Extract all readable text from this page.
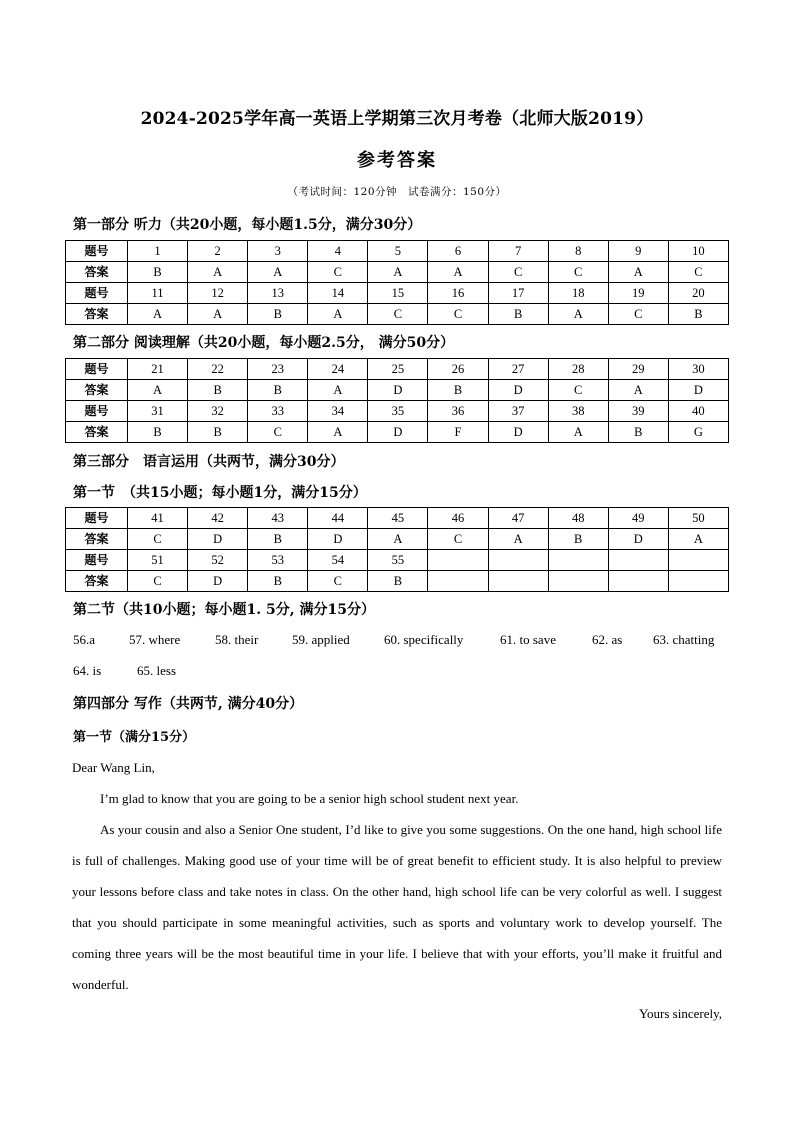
2024-2025学年高一英语上学期第三次月考卷（北师大版2019）
参考答案
（考试时间：120分钟　试卷满分：150分）
第一部分 听力（共20小题，每小题1.5分，满分30分）
题号	1	2	3	4	5	6	7	8	9	10
答案	B	A	A	C	A	A	C	C	A	C
题号	11	12	13	14	15	16	17	18	19	20
答案	A	A	B	A	C	C	B	A	C	B
第二部分 阅读理解（共20小题，每小题2.5分， 满分50分）
题号	21	22	23	24	25	26	27	28	29	30
答案	A	B	B	A	D	B	D	C	A	D
题号	31	32	33	34	35	36	37	38	39	40
答案	B	B	C	A	D	F	D	A	B	G
第三部分　语言运用（共两节，满分30分）
第一节　（共15小题；每小题1分，满分15分）
题号	41	42	43	44	45	46	47	48	49	50
答案	C	D	B	D	A	C	A	B	D	A
题号	51	52	53	54	55					
答案	C	D	B	C	B					
第二节（共10小题；每小题1. 5分, 满分15分）
56.a	57. where	58. their	59. applied	60. specifically	61. to save	62. as 63. chatting
64. is	65. less
第四部分 写作（共两节, 满分40分）
第一节（满分15分）

Dear Wang Lin,

I’m glad to know that you are going to be a senior high school student next year.

As your cousin and also a Senior One student, I’d like to give you some suggestions. On the one hand, high school life is full of challenges. Making good use of your time will be of great benefit to efficient study. It is also helpful to preview your lessons before class and take notes in class. On the other hand, high school life can be very colorful as well. I suggest that you should participate in some meaningful activities, such as sports and voluntary work to develop yourself. The coming three years will be the most beautiful time in your life. I believe that with your efforts, you’ll make it fruitful and wonderful.

Yours sincerely,
